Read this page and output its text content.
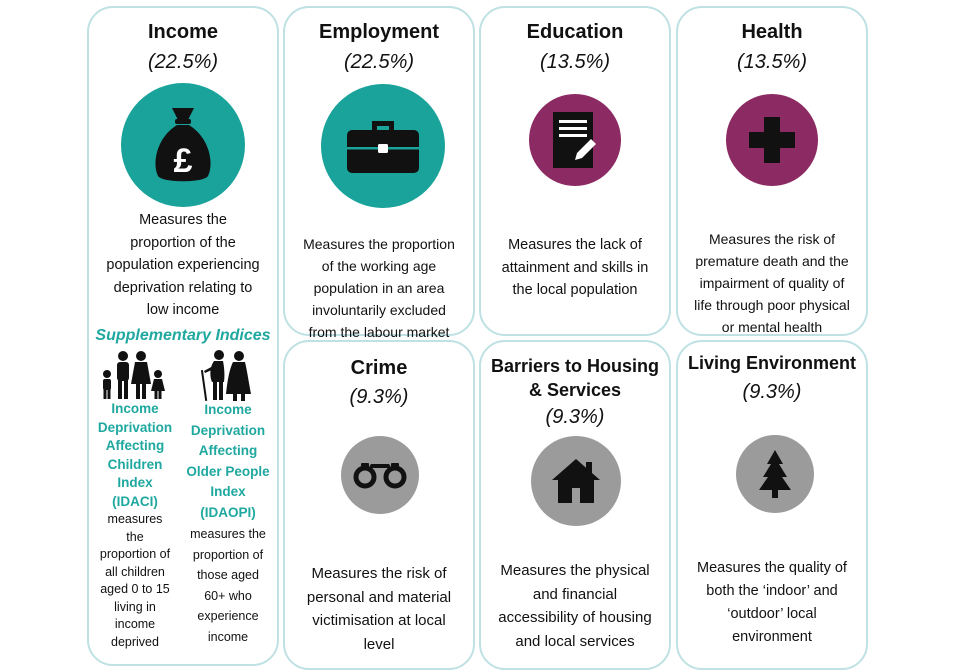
Income
(22.5%)
£
Measures the
proportion of the
population experiencing
deprivation relating to
low income
Supplementary Indices
Income
Deprivation
Affecting
Children
Index
(IDACI)
measures
the
proportion of
all children
aged 0 to 15
living in
income
deprived
Income
Deprivation
Affecting
Older People
Index
(IDAOPI)
measures the
proportion of
those aged
60+ who
experience
income
Employment
(22.5%)
Measures the proportion
of the working age
population in an area
involuntarily excluded
from the labour market
Education
(13.5%)
Measures the lack of
attainment and skills in
the local population
Health
(13.5%)
Measures the risk of
premature death and the
impairment of quality of
life through poor physical
or mental health
Crime
(9.3%)
Measures the risk of
personal and material
victimisation at local
level
Barriers to Housing
& Services
(9.3%)
Measures the physical
and financial
accessibility of housing
and local services
Living Environment
(9.3%)
Measures the quality of
both the ‘indoor’ and
‘outdoor’ local
environment
